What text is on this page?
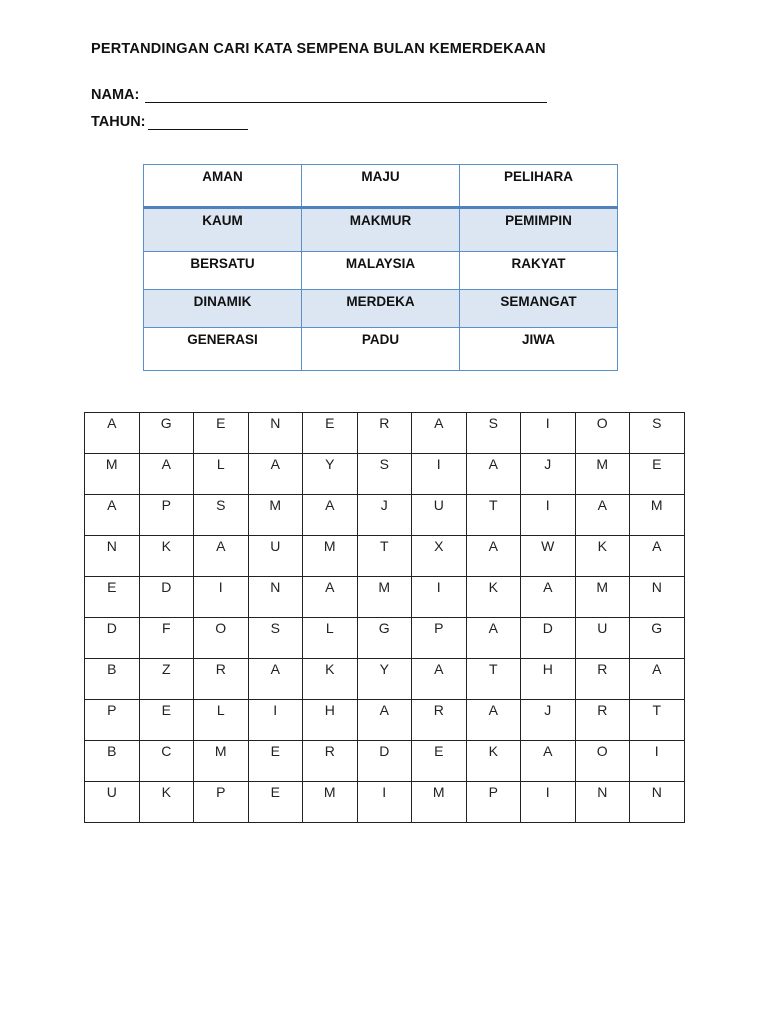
PERTANDINGAN CARI KATA SEMPENA BULAN KEMERDEKAAN
NAMA:
TAHUN:
AMAN	MAJU	PELIHARA
KAUM	MAKMUR	PEMIMPIN
BERSATU	MALAYSIA	RAKYAT
DINAMIK	MERDEKA	SEMANGAT
GENERASI	PADU	JIWA
A	G	E	N	E	R	A	S	I	O	S
M	A	L	A	Y	S	I	A	J	M	E
A	P	S	M	A	J	U	T	I	A	M
N	K	A	U	M	T	X	A	W	K	A
E	D	I	N	A	M	I	K	A	M	N
D	F	O	S	L	G	P	A	D	U	G
B	Z	R	A	K	Y	A	T	H	R	A
P	E	L	I	H	A	R	A	J	R	T
B	C	M	E	R	D	E	K	A	O	I
U	K	P	E	M	I	M	P	I	N	N
